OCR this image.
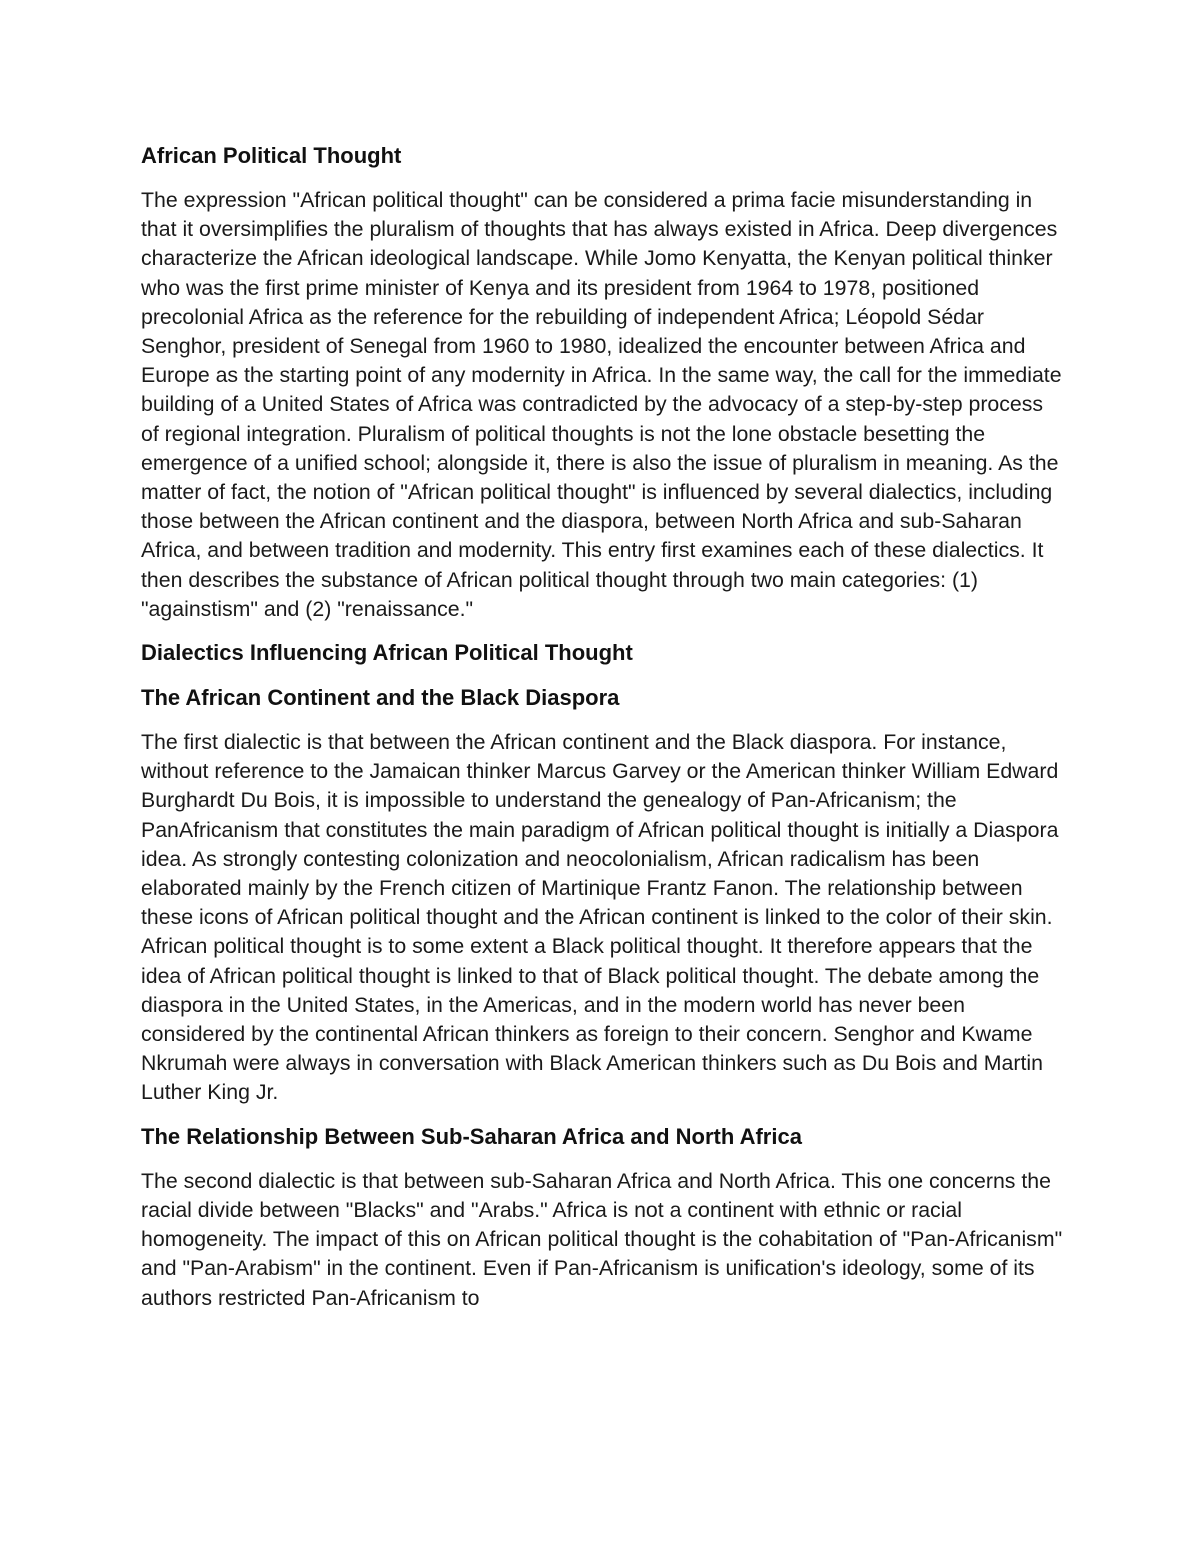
African Political Thought
The expression "African political thought" can be considered a prima facie misunderstanding in that it oversimplifies the pluralism of thoughts that has always existed in Africa. Deep divergences characterize the African ideological landscape. While Jomo Kenyatta, the Kenyan political thinker who was the first prime minister of Kenya and its president from 1964 to 1978, positioned precolonial Africa as the reference for the rebuilding of independent Africa; Léopold Sédar Senghor, president of Senegal from 1960 to 1980, idealized the encounter between Africa and Europe as the starting point of any modernity in Africa. In the same way, the call for the immediate building of a United States of Africa was contradicted by the advocacy of a step-by-step process of regional integration. Pluralism of political thoughts is not the lone obstacle besetting the emergence of a unified school; alongside it, there is also the issue of pluralism in meaning. As the matter of fact, the notion of "African political thought" is influenced by several dialectics, including those between the African continent and the diaspora, between North Africa and sub-Saharan Africa, and between tradition and modernity. This entry first examines each of these dialectics. It then describes the substance of African political thought through two main categories: (1) "againstism" and (2) "renaissance."
Dialectics Influencing African Political Thought
The African Continent and the Black Diaspora
The first dialectic is that between the African continent and the Black diaspora. For instance, without reference to the Jamaican thinker Marcus Garvey or the American thinker William Edward Burghardt Du Bois, it is impossible to understand the genealogy of Pan-Africanism; the PanAfricanism that constitutes the main paradigm of African political thought is initially a Diaspora idea. As strongly contesting colonization and neocolonialism, African radicalism has been elaborated mainly by the French citizen of Martinique Frantz Fanon. The relationship between these icons of African political thought and the African continent is linked to the color of their skin. African political thought is to some extent a Black political thought. It therefore appears that the idea of African political thought is linked to that of Black political thought. The debate among the diaspora in the United States, in the Americas, and in the modern world has never been considered by the continental African thinkers as foreign to their concern. Senghor and Kwame Nkrumah were always in conversation with Black American thinkers such as Du Bois and Martin Luther King Jr.
The Relationship Between Sub-Saharan Africa and North Africa
The second dialectic is that between sub-Saharan Africa and North Africa. This one concerns the racial divide between "Blacks" and "Arabs." Africa is not a continent with ethnic or racial homogeneity. The impact of this on African political thought is the cohabitation of "Pan-Africanism" and "Pan-Arabism" in the continent. Even if Pan-Africanism is unification's ideology, some of its authors restricted Pan-Africanism to
